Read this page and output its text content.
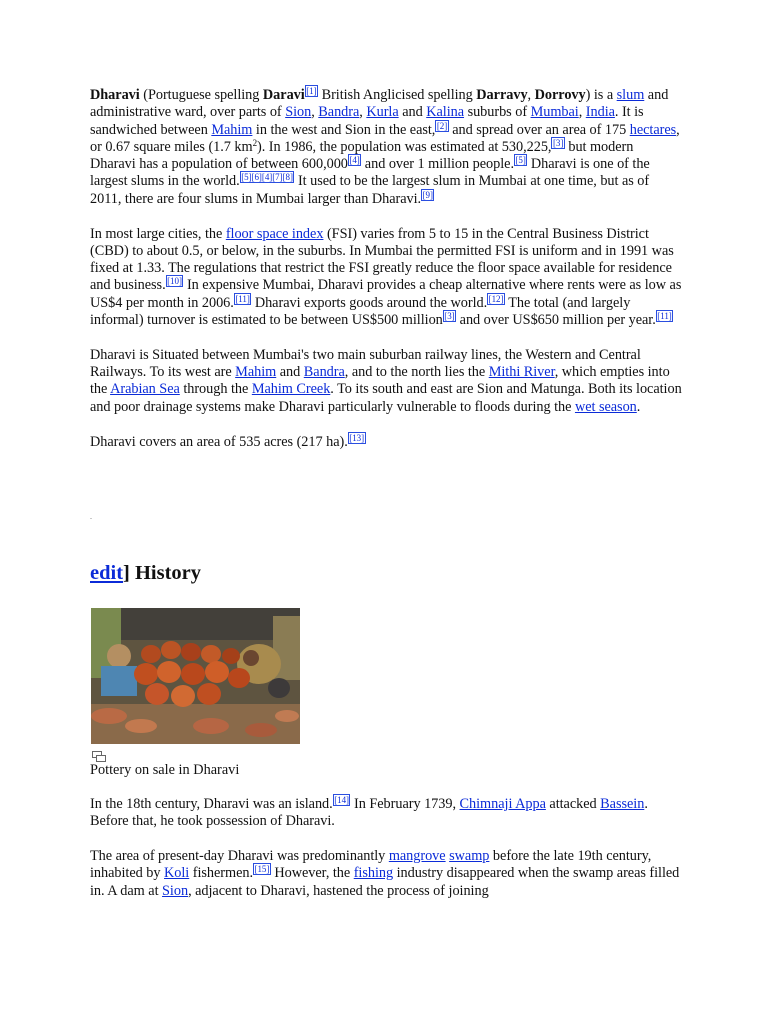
Dharavi (Portuguese spelling Daravi [1] British Anglicised spelling Darravy, Dorrovy) is a slum and administrative ward, over parts of Sion, Bandra, Kurla and Kalina suburbs of Mumbai, India. It is sandwiched between Mahim in the west and Sion in the east, [2] and spread over an area of 175 hectares, or 0.67 square miles (1.7 $km^2$). In 1986, the population was estimated at 530,225, [3] but modern Dharavi has a population of between 600,000 [4] and over 1 million people. [5] Dharavi is one of the largest slums in the world. [5][6][4][7][8] It used to be the largest slum in Mumbai at one time, but as of 2011, there are four slums in Mumbai larger than Dharavi. [9]

In most large cities, the floor space index (FSI) varies from 5 to 15 in the Central Business District (CBD) to about 0.5, or below, in the suburbs. In Mumbai the permitted FSI is uniform and in 1991 was fixed at 1.33. The regulations that restrict the FSI greatly reduce the floor space available for residence and business. [10] In expensive Mumbai, Dharavi provides a cheap alternative where rents were as low as US$4 per month in 2006. [11] Dharavi exports goods around the world. [12] The total (and largely informal) turnover is estimated to be between US$500 million [3] and over US$650 million per year. [11]

Dharavi is Situated between Mumbai's two main suburban railway lines, the Western and Central Railways. To its west are Mahim and Bandra, and to the north lies the Mithi River, which empties into the Arabian Sea through the Mahim Creek. To its south and east are Sion and Matunga. Both its location and poor drainage systems make Dharavi particularly vulnerable to floods during the wet season.

Dharavi covers an area of 535 acres (217 ha). [13]

.
edit] History
Pottery on sale in Dharavi

In the 18th century, Dharavi was an island. [14] In February 1739, Chimnaji Appa attacked Bassein. Before that, he took possession of Dharavi.

The area of present-day Dharavi was predominantly mangrove swamp before the late 19th century, inhabited by Koli fishermen. [15] However, the fishing industry disappeared when the swamp areas filled in. A dam at Sion, adjacent to Dharavi, hastened the process of joining
